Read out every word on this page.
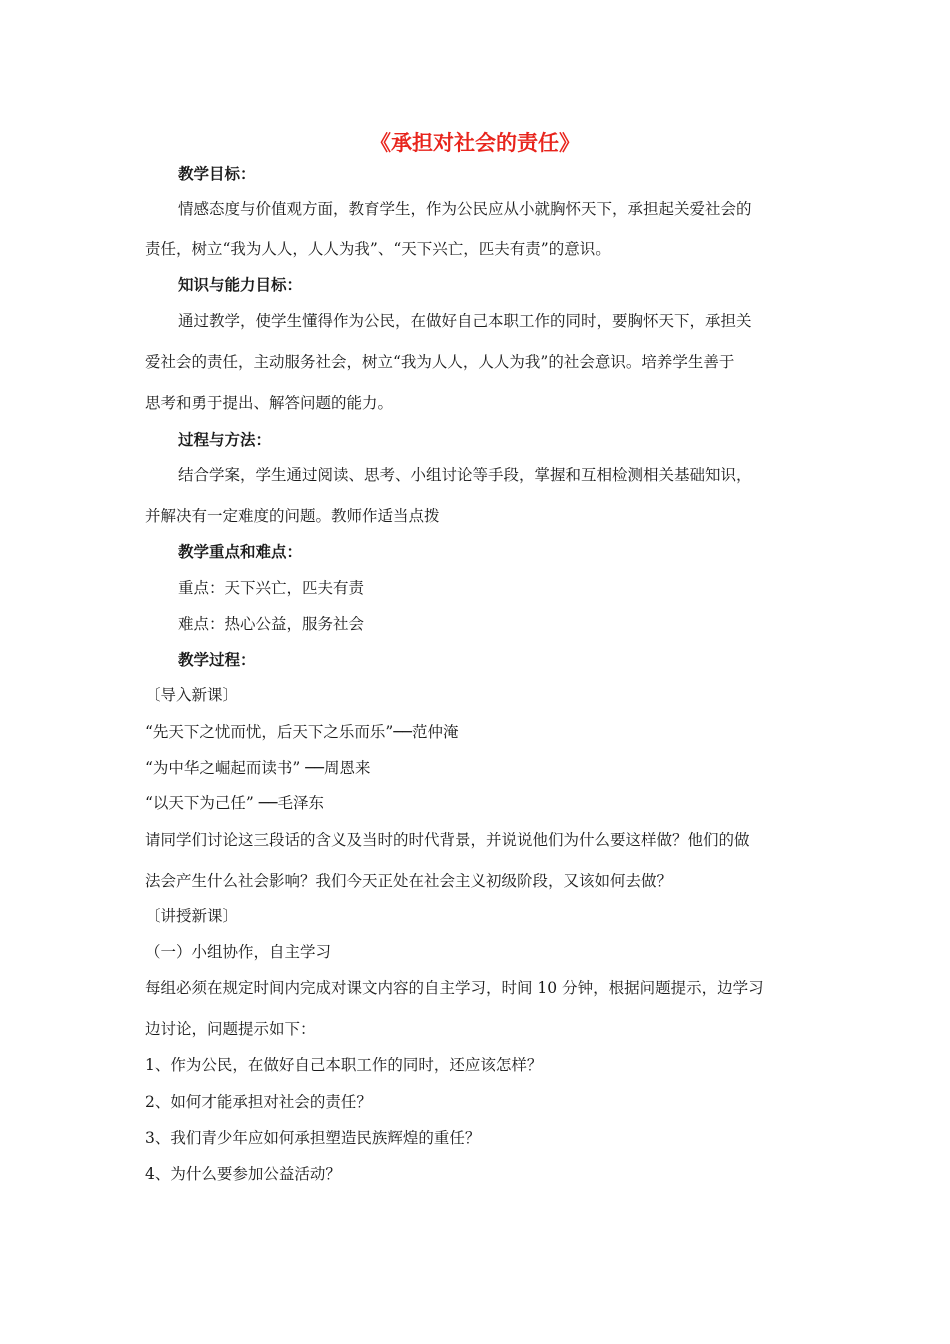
《承担对社会的责任》
教学目标：
情感态度与价值观方面，教育学生，作为公民应从小就胸怀天下，承担起关爱社会的
责任，树立“我为人人，人人为我”、“天下兴亡，匹夫有责”的意识。
知识与能力目标：
通过教学，使学生懂得作为公民，在做好自己本职工作的同时，要胸怀天下，承担关
爱社会的责任，主动服务社会，树立“我为人人，人人为我”的社会意识。培养学生善于
思考和勇于提出、解答问题的能力。
过程与方法：
结合学案，学生通过阅读、思考、小组讨论等手段，掌握和互相检测相关基础知识，
并解决有一定难度的问题。教师作适当点拨
教学重点和难点：
重点：天下兴亡，匹夫有责
难点：热心公益，服务社会
教学过程：
〔导入新课〕
“先天下之忧而忧，后天下之乐而乐”──范仲淹
“为中华之崛起而读书” ──周恩来
“以天下为己任” ──毛泽东
请同学们讨论这三段话的含义及当时的时代背景，并说说他们为什么要这样做？他们的做
法会产生什么社会影响？我们今天正处在社会主义初级阶段，又该如何去做？
〔讲授新课〕
（一）小组协作，自主学习
每组必须在规定时间内完成对课文内容的自主学习，时间 10 分钟，根据问题提示，边学习
边讨论，问题提示如下：
1、作为公民，在做好自己本职工作的同时，还应该怎样？
2、如何才能承担对社会的责任？
3、我们青少年应如何承担塑造民族辉煌的重任？
4、为什么要参加公益活动？
